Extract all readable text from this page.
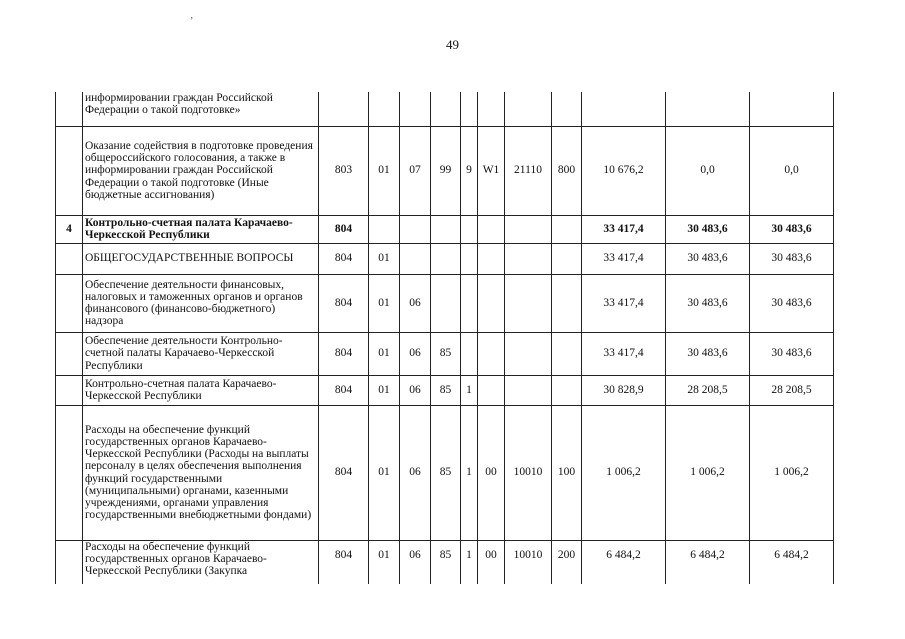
’
49
	информировании граждан Российской Федерации о такой подготовке»											
	Оказание содействия в подготовке проведения общероссийского голосования, а также в информировании граждан Российской Федерации о такой подготовке (Иные бюджетные ассигнования)	803	01	07	99	9	W1	21110	800	10 676,2	0,0	0,0
4	Контрольно-счетная палата Карачаево-Черкесской Республики	804								33 417,4	30 483,6	30 483,6
	ОБЩЕГОСУДАРСТВЕННЫЕ ВОПРОСЫ	804	01							33 417,4	30 483,6	30 483,6
	Обеспечение деятельности финансовых, налоговых и таможенных органов и органов финансового (финансово-бюджетного) надзора	804	01	06						33 417,4	30 483,6	30 483,6
	Обеспечение деятельности Контрольно-счетной палаты Карачаево-Черкесской Республики	804	01	06	85					33 417,4	30 483,6	30 483,6
	Контрольно-счетная палата Карачаево-Черкесской Республики	804	01	06	85	1				30 828,9	28 208,5	28 208,5
	Расходы на обеспечение функций государственных органов Карачаево-Черкесской Республики (Расходы на выплаты персоналу в целях обеспечения выполнения функций государственными (муниципальными) органами, казенными учреждениями, органами управления государственными внебюджетными фондами)	804	01	06	85	1	00	10010	100	1 006,2	1 006,2	1 006,2
	Расходы на обеспечение функций государственных органов Карачаево-Черкесской Республики (Закупка	804	01	06	85	1	00	10010	200	6 484,2	6 484,2	6 484,2
